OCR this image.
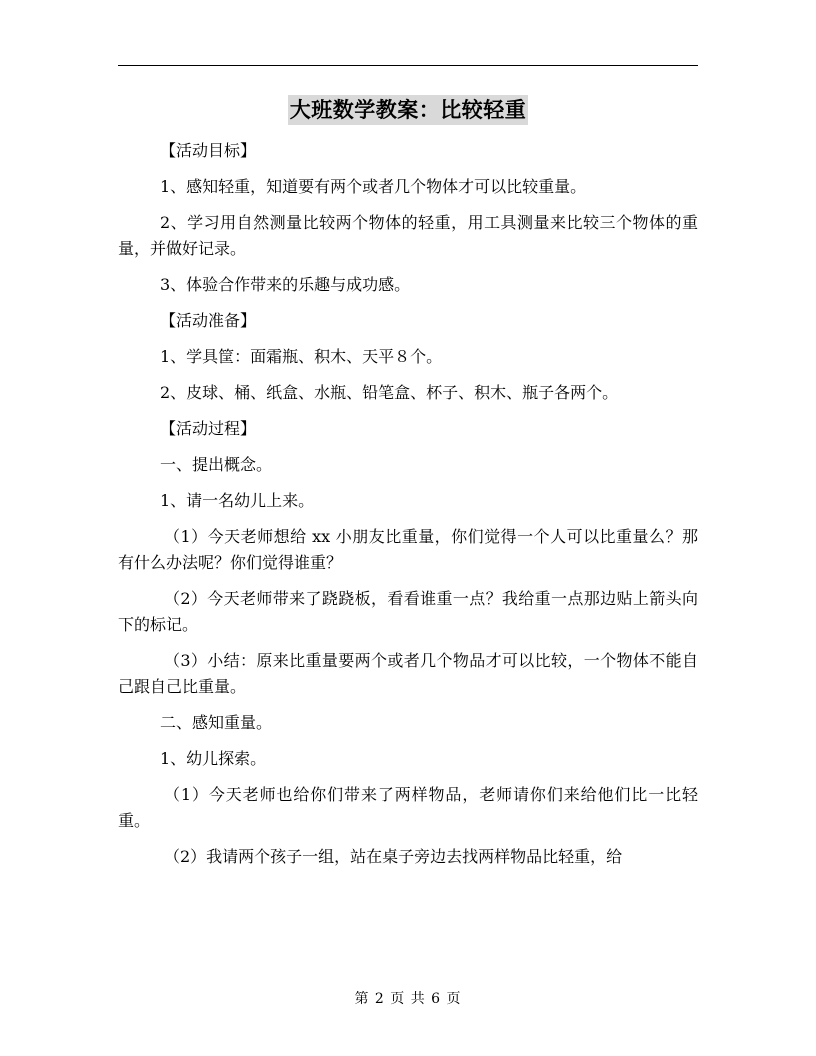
大班数学教案：比较轻重

【活动目标】

1、感知轻重，知道要有两个或者几个物体才可以比较重量。

2、学习用自然测量比较两个物体的轻重，用工具测量来比较三个物体的重量，并做好记录。

3、体验合作带来的乐趣与成功感。

【活动准备】

1、学具筐：面霜瓶、积木、天平８个。

2、皮球、桶、纸盒、水瓶、铅笔盒、杯子、积木、瓶子各两个。

【活动过程】

一、提出概念。

1、请一名幼儿上来。

（1）今天老师想给 xx 小朋友比重量，你们觉得一个人可以比重量么？那有什么办法呢？你们觉得谁重？

（2）今天老师带来了跷跷板，看看谁重一点？我给重一点那边贴上箭头向下的标记。

（3）小结：原来比重量要两个或者几个物品才可以比较，一个物体不能自己跟自己比重量。

二、感知重量。

1、幼儿探索。

（1）今天老师也给你们带来了两样物品，老师请你们来给他们比一比轻重。

（2）我请两个孩子一组，站在桌子旁边去找两样物品比轻重，给

第 2 页 共 6 页
